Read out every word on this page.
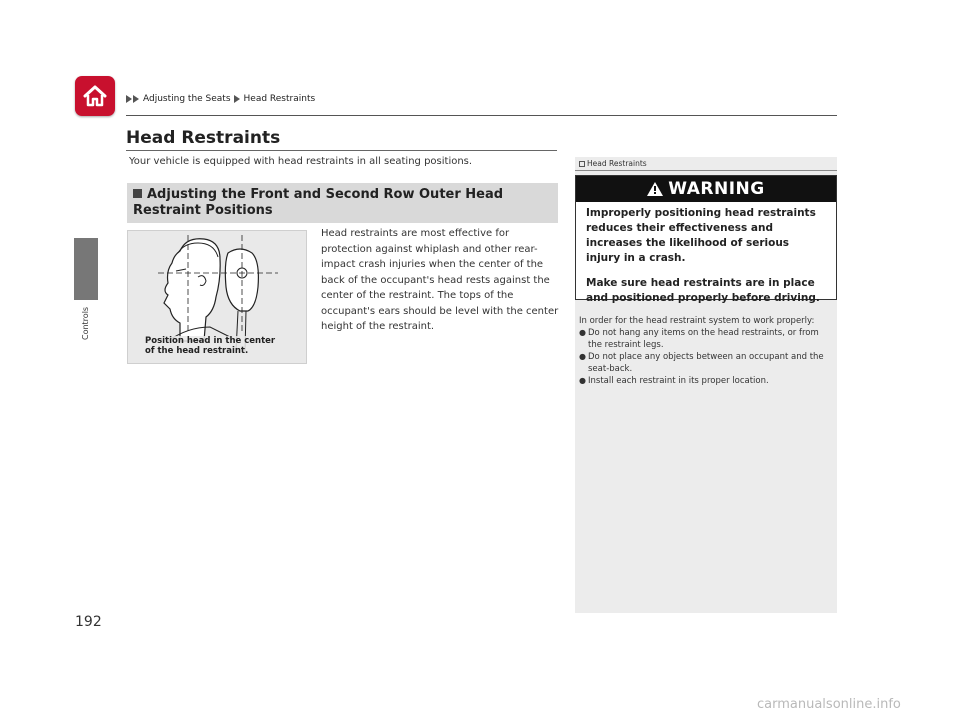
Adjusting the Seats Head Restraints
Controls
192
Head Restraints

Your vehicle is equipped with head restraints in all seating positions.

Adjusting the Front and Second Row Outer Head Restraint Positions
Position head in the center
of the head restraint.

Head restraints are most effective for protection against whiplash and other rear-impact crash injuries when the center of the back of the occupant's head rests against the center of the restraint. The tops of the occupant's ears should be level with the center height of the restraint.

Head Restraints
WARNING

Improperly positioning head restraints reduces their effectiveness and increases the likelihood of serious injury in a crash.

Make sure head restraints are in place and positioned properly before driving.

In order for the head restraint system to work properly:

● Do not hang any items on the head restraints, or from the restraint legs.
● Do not place any objects between an occupant and the seat-back.
● Install each restraint in its proper location.
carmanualsonline.info
